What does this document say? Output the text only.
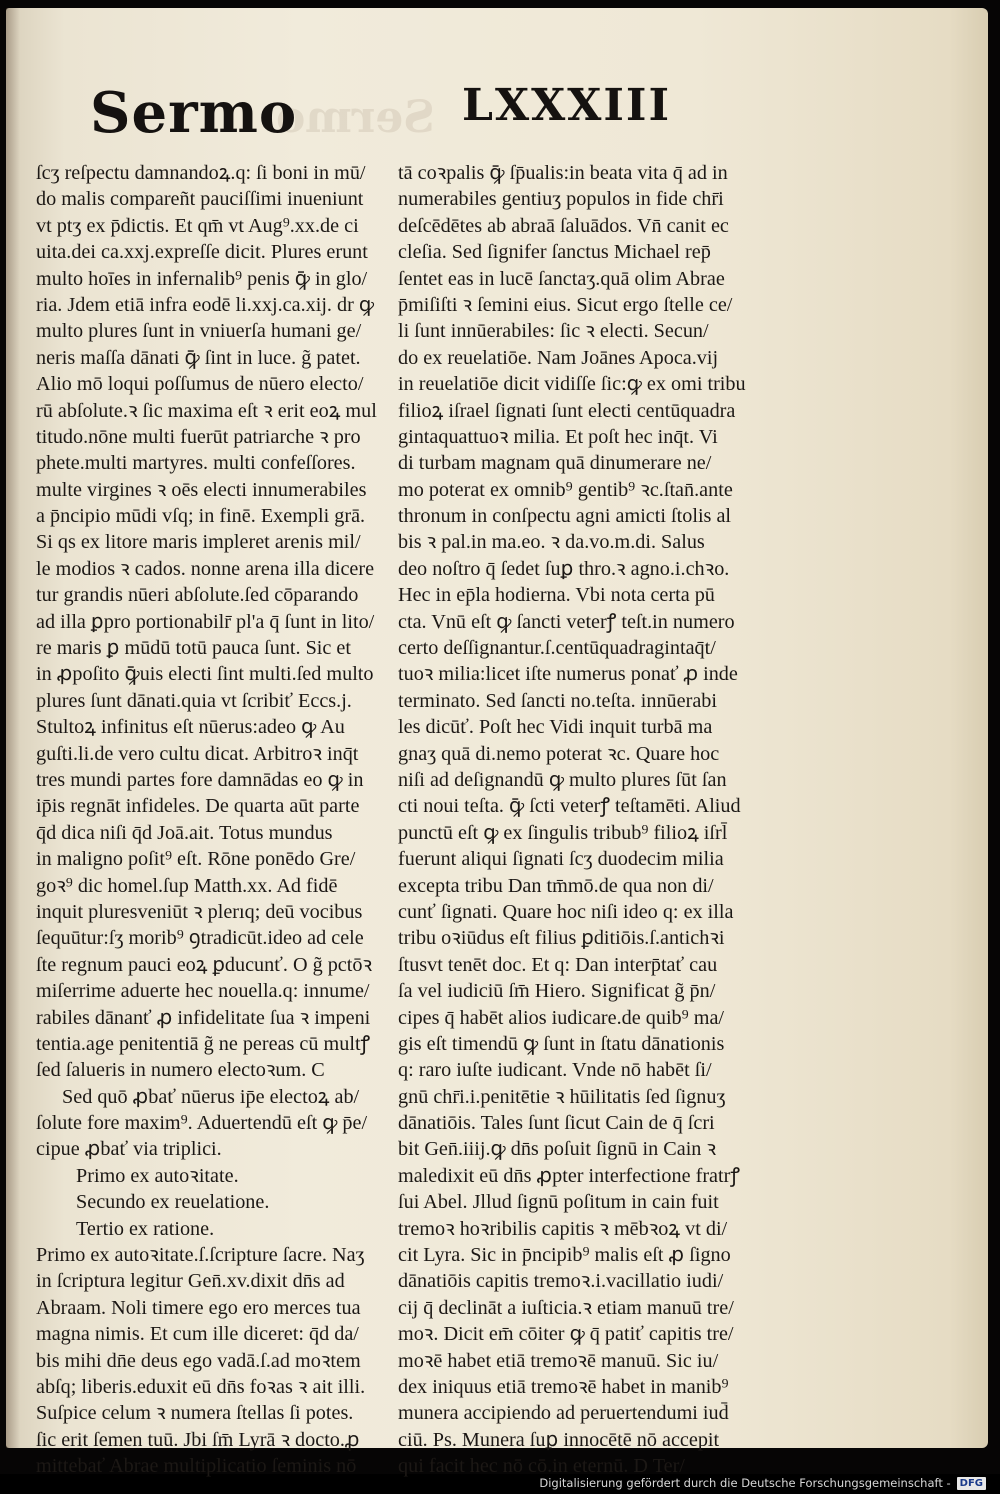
Sermo
Sermo	LXXXIII
ſcʒ reſpectu damnandoꝝ.q: ſi boni in mū/
do malis compareñt pauciſſimi inueniunt
vt ptʒ ex p̄dictis. Et qm̄ vt Aug⁹.xx.de ci
uita.dei ca.xxj.expreſſe dicit. Plures erunt
multo hoīes in infernalib⁹ penis ꝙ̄ in glo/
ria. Jdem etiā infra eodē li.xxj.ca.xij. dr ꝙ
multo plures ſunt in vniuerſa humani ge/
neris maſſa dānati ꝙ̄ ſint in luce. g̃ patet.
Alio mō loqui poſſumus de nūero electo/
rū abſolute.ꝛ ſic maxima eſt ꝛ erit eoꝝ mul
titudo.nōne multi fuerūt patriarche ꝛ pro
phete.multi martyres. multi confeſſores.
multe virgines ꝛ oēs electi innumerabiles
a p̄ncipio mūdi vſq; in finē. Exempli grā.
Si qs ex litore maris impleret arenis mil/
le modios ꝛ cados. nonne arena illa dicere
tur grandis nūeri abſolute.ſed cōparando
ad illa ꝑpro portionabilr̄ pl'a q̄ ſunt in lito/
re maris ꝑ mūdū totū pauca ſunt. Sic et
in ꝓpoſito ꝙ̄uis electi ſint multi.ſed multo
plures ſunt dānati.quia vt ſcribiť Eccs.j.
Stultoꝝ infinitus eſt nūerus:adeo ꝙ Au
guſti.li.de vero cultu dicat. Arbitroꝛ inq̄t
tres mundi partes fore damnādas eo ꝙ in
ip̄is regnāt infideles. De quarta aūt parte
q̄d dica niſi q̄d Joā.ait. Totus mundus
in maligno poſit⁹ eſt. Rōne ponēdo Gre/
goꝛ⁹ dic homel.ſup Matth.xx. Ad fidē
inquit pluresveniūt ꝛ plerıq; deū vocibus
ſequūtur:ſʒ morib⁹ ꝯtradicūt.ideo ad cele
ſte regnum pauci eoꝝ ꝑducunť. O g̃ pctōꝛ
miſerrime aduerte hec nouella.q: innume/
rabiles dānanť ꝓ infidelitate ſua ꝛ impeni
tentia.age penitentiā g̃ ne pereas cū multꝭ
ſed ſalueris in numero electoꝛum. C
Sed quō ꝓbať nūerus ip̄e electoꝝ ab/
ſolute fore maxim⁹. Aduertendū eſt ꝙ p̄e/
cipue ꝓbať via triplici.
Primo ex autoꝛitate.
Secundo ex reuelatione.
Tertio ex ratione.
Primo ex autoꝛitate.ſ.ſcripture ſacre. Naʒ
in ſcriptura legitur Gen̄.xv.dixit dn̄s ad
Abraam. Noli timere ego ero merces tua
magna nimis. Et cum ille diceret: q̄d da/
bis mihi dn̄e deus ego vadā.ſ.ad moꝛtem
abſq; liberis.eduxit eū dn̄s foꝛas ꝛ ait illi.
Suſpice celum ꝛ numera ſtellas ſi potes.
ſic erit ſemen tuū. Jbi ſm̄ Lyrā ꝛ docto.ꝓ
mittebať Abrae multiplicatio ſeminis nō
tā coꝛpalis ꝙ̄ ſp̄ualis:in beata vita q̄ ad in
numerabiles gentiuʒ populos in fide chr̄i
deſcēdētes ab abraā ſaluādos. Vn̄ canit ec
cleſia. Sed ſignifer ſanctus Michael rep̄
ſentet eas in lucē ſanctaʒ.quā olim Abrae
p̄miſiſti ꝛ ſemini eius. Sicut ergo ſtelle ce/
li ſunt innūerabiles: ſic ꝛ electi. Secun/
do ex reuelatiōe. Nam Joānes Apoca.vij
in reuelatiōe dicit vidiſſe ſic:ꝙ ex omi tribu
filioꝝ iſrael ſignati ſunt electi centūquadra
gintaquattuoꝛ milia. Et poſt hec inq̄t. Vi
di turbam magnam quā dinumerare ne/
mo poterat ex omnib⁹ gentib⁹ ꝛc.ſtan̄.ante
thronum in conſpectu agni amicti ſtolis al
bis ꝛ pal.in ma.eo. ꝛ da.vo.m.di. Salus
deo noſtro q̄ ſedet ſuꝑ thro.ꝛ agno.i.chꝛo.
Hec in ep̄la hodierna. Vbi nota certa pū
cta. Vnū eſt ꝙ ſancti veterꝭ teſt.in numero
certo deſſignantur.ſ.centūquadragintaq̄t/
tuoꝛ milia:licet iſte numerus ponať ꝓ inde
terminato. Sed ſancti no.teſta. innūerabi
les dicūť. Poſt hec Vidi inquit turbā ma
gnaʒ quā di.nemo poterat ꝛc. Quare hoc
niſi ad deſignandū ꝙ multo plures ſūt ſan
cti noui teſta. ꝙ̄ ſcti veterꝭ teſtamēti. Aliud
punctū eſt ꝙ ex ſingulis tribub⁹ filioꝝ iſrl̄
fuerunt aliqui ſignati ſcʒ duodecim milia
excepta tribu Dan tm̄mō.de qua non di/
cunť ſignati. Quare hoc niſi ideo q: ex illa
tribu oꝛiūdus eſt filius ꝑditiōis.ſ.antichꝛi
ſtusvt tenēt doc. Et q: Dan interp̄tať cau
ſa vel iudiciū ſm̄ Hiero. Significat g̃ p̄n/
cipes q̄ habēt alios iudicare.de quib⁹ ma/
gis eſt timendū ꝙ ſunt in ſtatu dānationis
q: raro iuſte iudicant. Vnde nō habēt ſi/
gnū chr̄i.i.penitētie ꝛ hūilitatis ſed ſignuʒ
dānatiōis. Tales ſunt ſicut Cain de q̄ ſcri
bit Gen̄.iiij.ꝙ dn̄s poſuit ſignū in Cain ꝛ
maledixit eū dn̄s ꝓpter interfectione fratrꝭ
ſui Abel. Jllud ſignū poſitum in cain fuit
tremoꝛ hoꝛribilis capitis ꝛ mēbꝛoꝝ vt di/
cit Lyra. Sic in p̄ncipib⁹ malis eſt ꝓ ſigno
dānatiōis capitis tremoꝛ.i.vacillatio iudi/
cij q̄ declināt a iuſticia.ꝛ etiam manuū tre/
moꝛ. Dicit em̄ cōiter ꝙ q̄ patiť capitis tre/
moꝛē habet etiā tremoꝛē manuū. Sic iu/
dex iniquus etiā tremoꝛē habet in manib⁹
munera accipiendo ad peruertendumi iud̄
ciū. Ps. Munera ſuꝑ innocētē nō accepit
qui facit hec nō cō.in eternū. D Ter/
Digitalisierung gefördert durch die Deutsche Forschungsgemeinschaft - DFG
